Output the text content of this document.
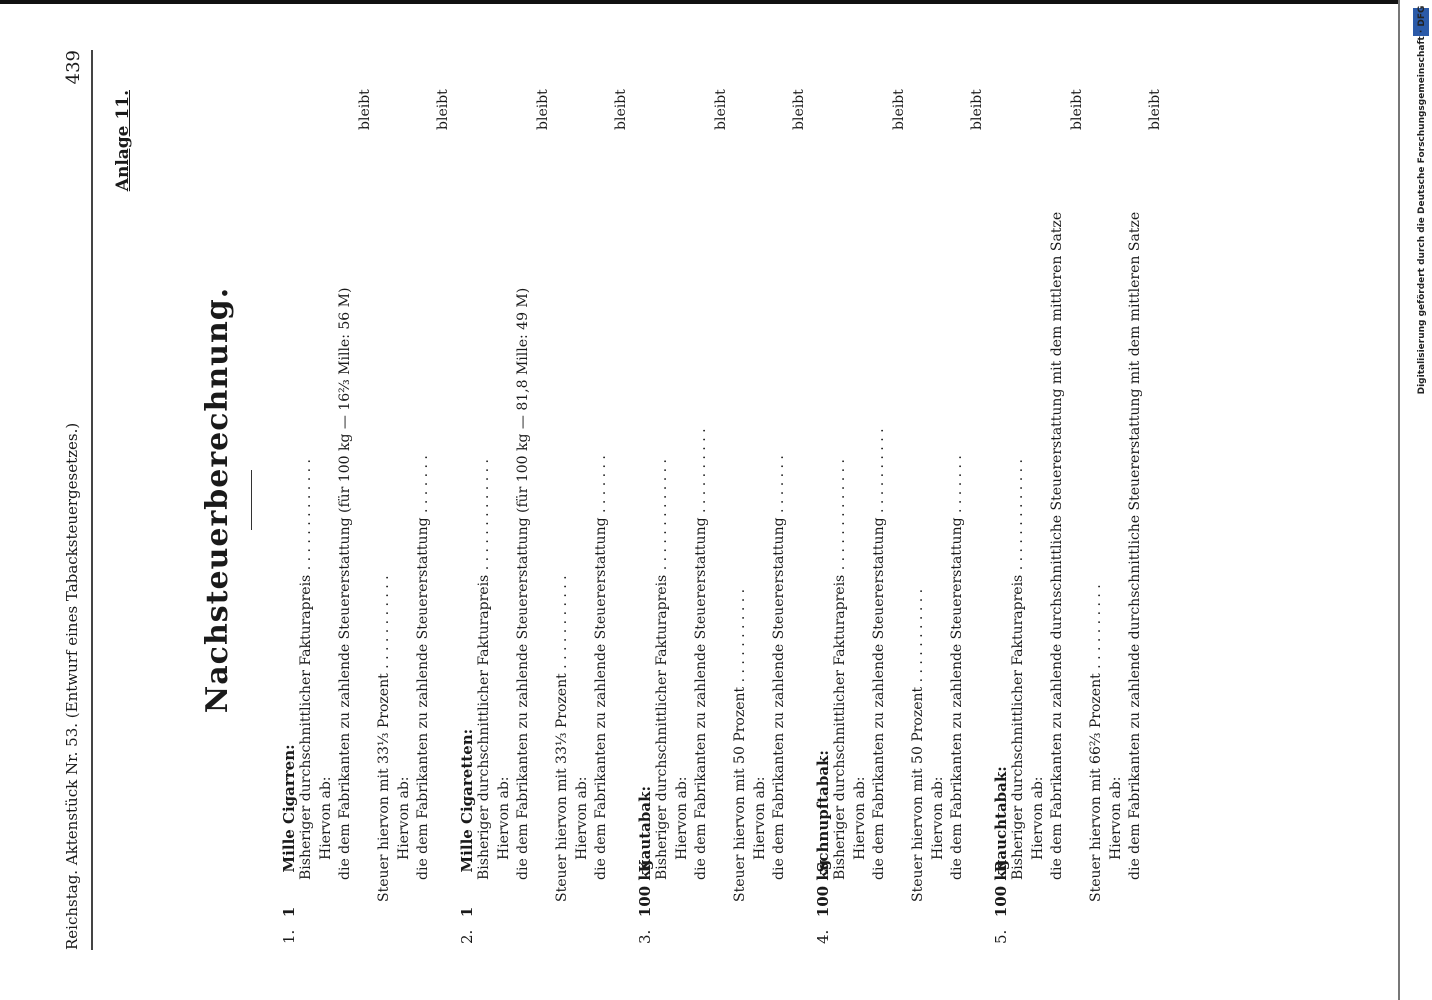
Digitalisierung gefördert durch die Deutsche Forschungsgemeinschaft · DFG
Reichstag. Aktenstück Nr. 53. (Entwurf eines Tabacksteuergesetzes.)
439
Anlage 11.
Nachsteuerberechnung.
1. 1 Mille Cigarren: Bisheriger durchschnittlicher Fakturapreis . . . . . . . . . . . . . Hiervon ab: die dem Fabrikanten zu zahlende Steuererstattung (für 100 kg — 16⅔ Mille: 56 M)
bleibt
Steuer hiervon mit 33⅓ Prozent . . . . . . . . . . . Hiervon ab: die dem Fabrikanten zu zahlende Steuererstattung . . . . . . .
bleibt
2. 1 Mille Cigaretten: Bisheriger durchschnittlicher Fakturapreis . . . . . . . . . . . . . Hiervon ab: die dem Fabrikanten zu zahlende Steuererstattung (für 100 kg — 81,8 Mille: 49 M)
bleibt
Steuer hiervon mit 33⅓ Prozent . . . . . . . . . . . Hiervon ab: die dem Fabrikanten zu zahlende Steuererstattung . . . . . . .
bleibt
3. 100 kg Kautabak: Bisheriger durchschnittlicher Fakturapreis . . . . . . . . . . . . . Hiervon ab: die dem Fabrikanten zu zahlende Steuererstattung . . . . . . . . . .
bleibt
Steuer hiervon mit 50 Prozent . . . . . . . . . . . Hiervon ab: die dem Fabrikanten zu zahlende Steuererstattung . . . . . . .
bleibt
4. 100 kg Schnupftabak: Bisheriger durchschnittlicher Fakturapreis . . . . . . . . . . . . . Hiervon ab: die dem Fabrikanten zu zahlende Steuererstattung . . . . . . . . . .
bleibt
Steuer hiervon mit 50 Prozent . . . . . . . . . . . Hiervon ab: die dem Fabrikanten zu zahlende Steuererstattung . . . . . . .
bleibt
5. 100 kg Rauchtabak: Bisheriger durchschnittlicher Fakturapreis . . . . . . . . . . . . . Hiervon ab: die dem Fabrikanten zu zahlende durchschnittliche Steuererstattung mit dem mittleren Satze
bleibt
Steuer hiervon mit 66⅔ Prozent . . . . . . . . . . Hiervon ab: die dem Fabrikanten zu zahlende durchschnittliche Steuererstattung mit dem mittleren Satze
bleibt
